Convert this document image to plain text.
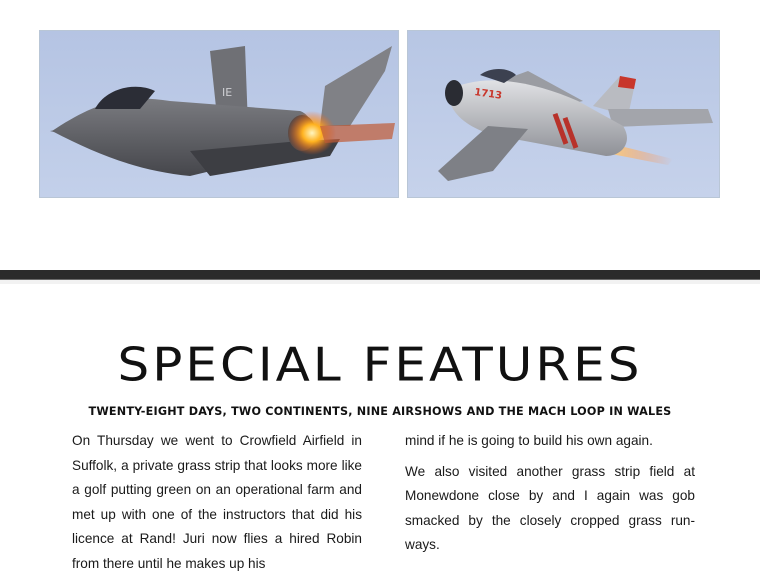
IE	1713
SPECIAL FEATURES
TWENTY-EIGHT DAYS, TWO CONTINENTS, NINE AIRSHOWS AND THE MACH LOOP IN WALES

On Thursday we went to Crowfield Airfield in Suffolk, a private grass strip that looks more like a golf putting green on an operational farm and met up with one of the instructors that did his licence at Rand! Juri now flies a hired Robin from there until he makes up his

mind if he is going to build his own again.

We also visited another grass strip field at Monewdone close by and I again was gob smacked by the closely cropped grass run-ways.
